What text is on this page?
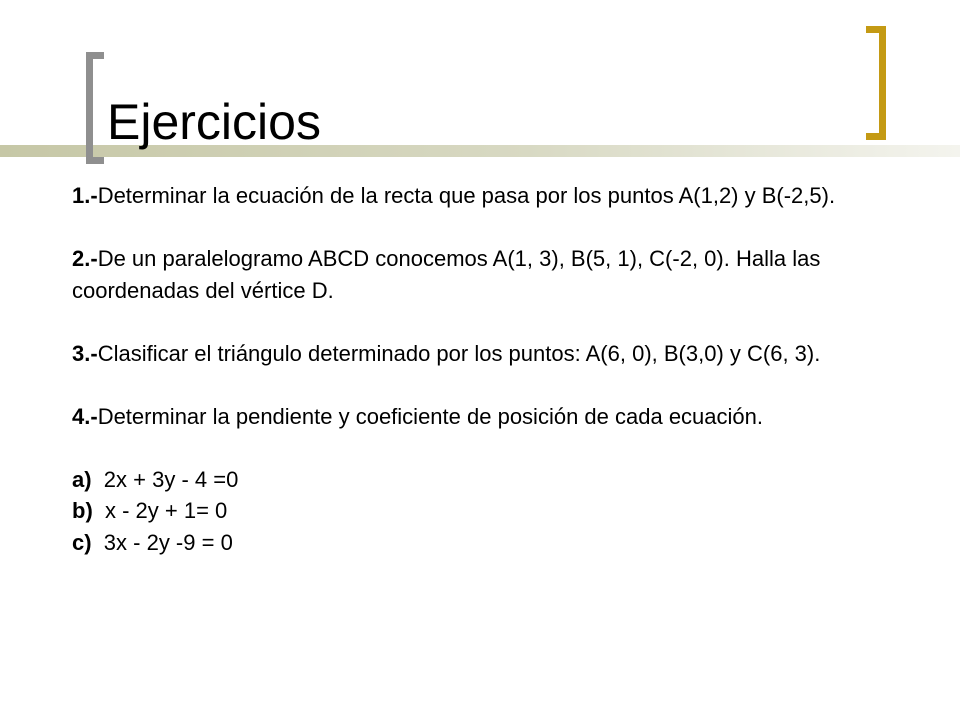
Ejercicios

1.-Determinar la ecuación de la recta que pasa por los puntos A(1,2) y B(-2,5).

2.-De un paralelogramo ABCD conocemos A(1, 3), B(5, 1), C(-2, 0). Halla las coordenadas del vértice D.

3.-Clasificar el triángulo determinado por los puntos: A(6, 0), B(3,0) y C(6, 3).

4.-Determinar la pendiente y coeficiente de posición de cada ecuación.

a) 2x + 3y - 4 =0

b) x - 2y + 1= 0

c) 3x - 2y -9 = 0
